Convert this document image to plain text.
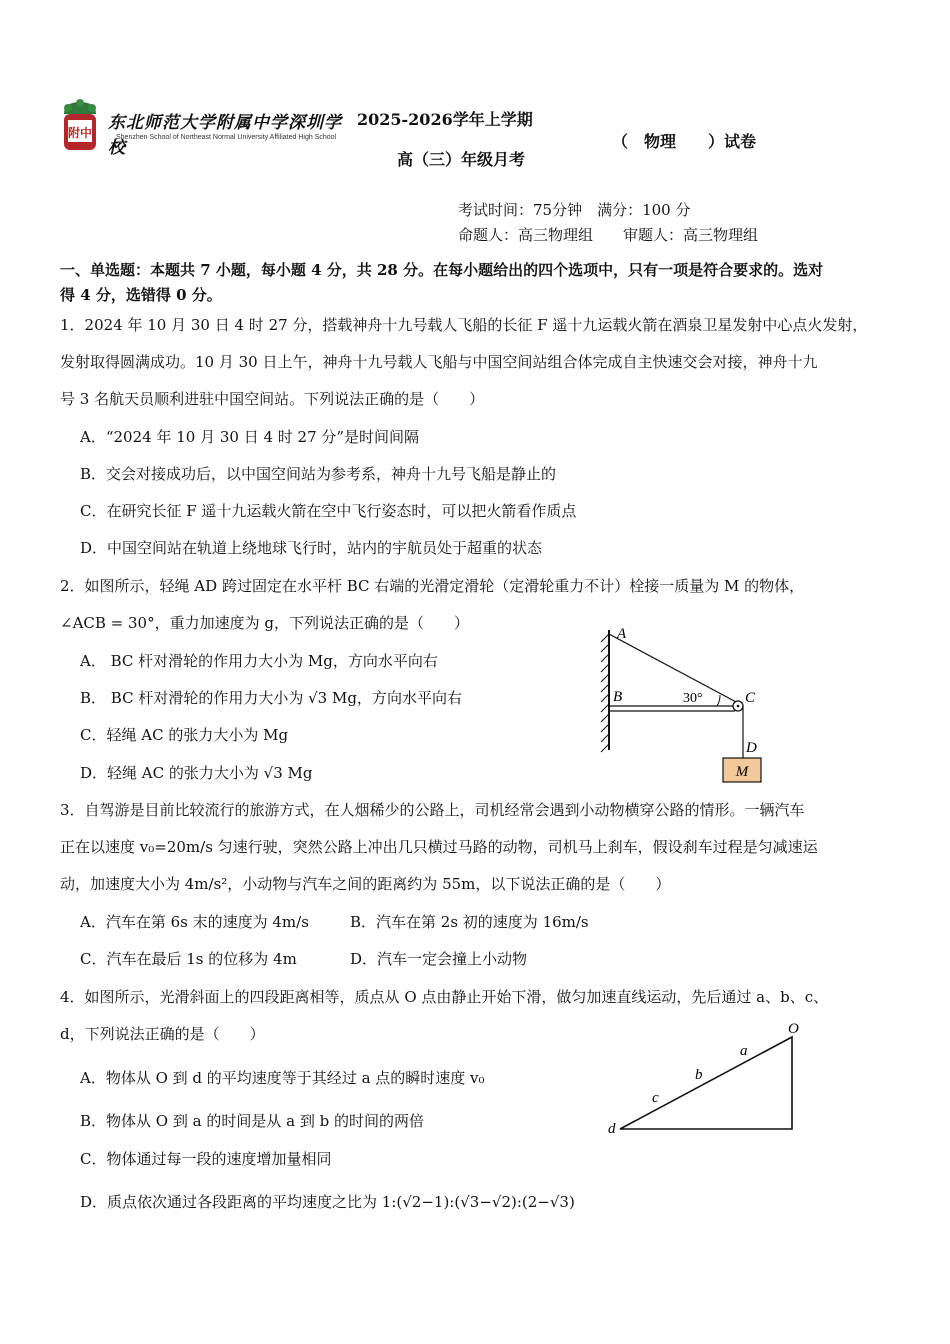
附中 东北师范大学附属中学深圳学校
Shenzhen School of Northeast Normal University Affiliated High School
2025-2026学年上学期
高（三）年级月考
（　物理　　）试卷
考试时间：75分钟　满分：100 分
命题人：高三物理组　　审题人：高三物理组
一、单选题：本题共 7 小题，每小题 4 分，共 28 分。在每小题给出的四个选项中，只有一项是符合要求的。选对
得 4 分，选错得 0 分。
1．2024 年 10 月 30 日 4 时 27 分，搭载神舟十九号载人飞船的长征 F 遥十九运载火箭在酒泉卫星发射中心点火发射，
发射取得圆满成功。10 月 30 日上午，神舟十九号载人飞船与中国空间站组合体完成自主快速交会对接，神舟十九
号 3 名航天员顺利进驻中国空间站。下列说法正确的是（　　）
A．“2024 年 10 月 30 日 4 时 27 分”是时间间隔
B．交会对接成功后，以中国空间站为参考系，神舟十九号飞船是静止的
C．在研究长征 F 遥十九运载火箭在空中飞行姿态时，可以把火箭看作质点
D．中国空间站在轨道上绕地球飞行时，站内的宇航员处于超重的状态
2．如图所示，轻绳 AD 跨过固定在水平杆 BC 右端的光滑定滑轮（定滑轮重力不计）栓接一质量为 M 的物体，
∠ACB = 30°，重力加速度为 g，下列说法正确的是（　　）
A． BC 杆对滑轮的作用力大小为 Mg，方向水平向右
B． BC 杆对滑轮的作用力大小为 √3 Mg，方向水平向右
C．轻绳 AC 的张力大小为 Mg
D．轻绳 AC 的张力大小为 √3 Mg	M
A
B	C
D
30°
3．自驾游是目前比较流行的旅游方式，在人烟稀少的公路上，司机经常会遇到小动物横穿公路的情形。一辆汽车
正在以速度 v₀=20m/s 匀速行驶，突然公路上冲出几只横过马路的动物，司机马上刹车，假设刹车过程是匀减速运
动，加速度大小为 4m/s²，小动物与汽车之间的距离约为 55m，以下说法正确的是（　　）
A．汽车在第 6s 末的速度为 4m/s	B．汽车在第 2s 初的速度为 16m/s
C．汽车在最后 1s 的位移为 4m	D．汽车一定会撞上小动物
4．如图所示，光滑斜面上的四段距离相等，质点从 O 点由静止开始下滑，做匀加速直线运动，先后通过 a、b、c、
d，下列说法正确的是（　　）
A．物体从 O 到 d 的平均速度等于其经过 a 点的瞬时速度 v₀
B．物体从 O 到 a 的时间是从 a 到 b 的时间的两倍
C．物体通过每一段的速度增加量相同
D．质点依次通过各段距离的平均速度之比为 1:(√2−1):(√3−√2):(2−√3)
O
a
b
c
d
